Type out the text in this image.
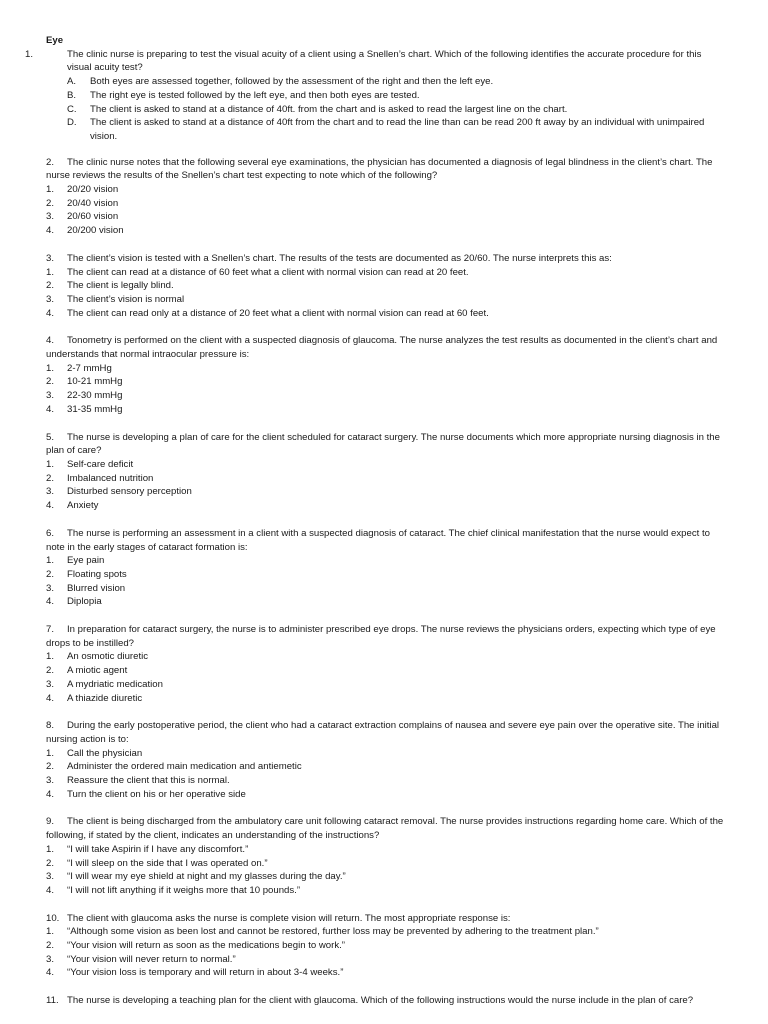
Eye
1.	The clinic nurse is preparing to test the visual acuity of a client using a Snellen’s chart. Which of the following identifies the accurate procedure for this visual acuity test?
A.	Both eyes are assessed together, followed by the assessment of the right and then the left eye.
B.	The right eye is tested followed by the left eye, and then both eyes are tested.
C.	The client is asked to stand at a distance of 40ft. from the chart and is asked to read the largest line on the chart.
D.	The client is asked to stand at a distance of 40ft from the chart and to read the line than can be read 200 ft away by an individual with unimpaired vision.
2. The clinic nurse notes that the following several eye examinations, the physician has documented a diagnosis of legal blindness in the client’s chart. The nurse reviews the results of the Snellen’s chart test expecting to note which of the following?
1.	20/20 vision
2.	20/40 vision
3.	20/60 vision
4.	20/200 vision
3. The client’s vision is tested with a Snellen’s chart. The results of the tests are documented as 20/60. The nurse interprets this as:
1.	The client can read at a distance of 60 feet what a client with normal vision can read at 20 feet.
2.	The client is legally blind.
3.	The client’s vision is normal
4.	The client can read only at a distance of 20 feet what a client with normal vision can read at 60 feet.
4. Tonometry is performed on the client with a suspected diagnosis of glaucoma. The nurse analyzes the test results as documented in the client’s chart and understands that normal intraocular pressure is:
1.	2-7 mmHg
2.	10-21 mmHg
3.	22-30 mmHg
4.	31-35 mmHg
5. The nurse is developing a plan of care for the client scheduled for cataract surgery. The nurse documents which more appropriate nursing diagnosis in the plan of care?
1.	Self-care deficit
2.	Imbalanced nutrition
3.	Disturbed sensory perception
4.	Anxiety
6. The nurse is performing an assessment in a client with a suspected diagnosis of cataract. The chief clinical manifestation that the nurse would expect to note in the early stages of cataract formation is:
1.	Eye pain
2.	Floating spots
3.	Blurred vision
4.	Diplopia
7. In preparation for cataract surgery, the nurse is to administer prescribed eye drops. The nurse reviews the physicians orders, expecting which type of eye drops to be instilled?
1.	An osmotic diuretic
2.	A miotic agent
3.	A mydriatic medication
4.	A thiazide diuretic
8. During the early postoperative period, the client who had a cataract extraction complains of nausea and severe eye pain over the operative site. The initial nursing action is to:
1.	Call the physician
2.	Administer the ordered main medication and antiemetic
3.	Reassure the client that this is normal.
4.	Turn the client on his or her operative side
9. The client is being discharged from the ambulatory care unit following cataract removal. The nurse provides instructions regarding home care. Which of the following, if stated by the client, indicates an understanding of the instructions?
1.	“I will take Aspirin if I have any discomfort.”
2.	“I will sleep on the side that I was operated on.”
3.	“I will wear my eye shield at night and my glasses during the day.”
4.	“I will not lift anything if it weighs more that 10 pounds.”
10. The client with glaucoma asks the nurse is complete vision will return. The most appropriate response is:
1.	“Although some vision as been lost and cannot be restored, further loss may be prevented by adhering to the treatment plan.”
2.	“Your vision will return as soon as the medications begin to work.”
3.	“Your vision will never return to normal.”
4.	“Your vision loss is temporary and will return in about 3-4 weeks.”
11. The nurse is developing a teaching plan for the client with glaucoma. Which of the following instructions would the nurse include in the plan of care?
